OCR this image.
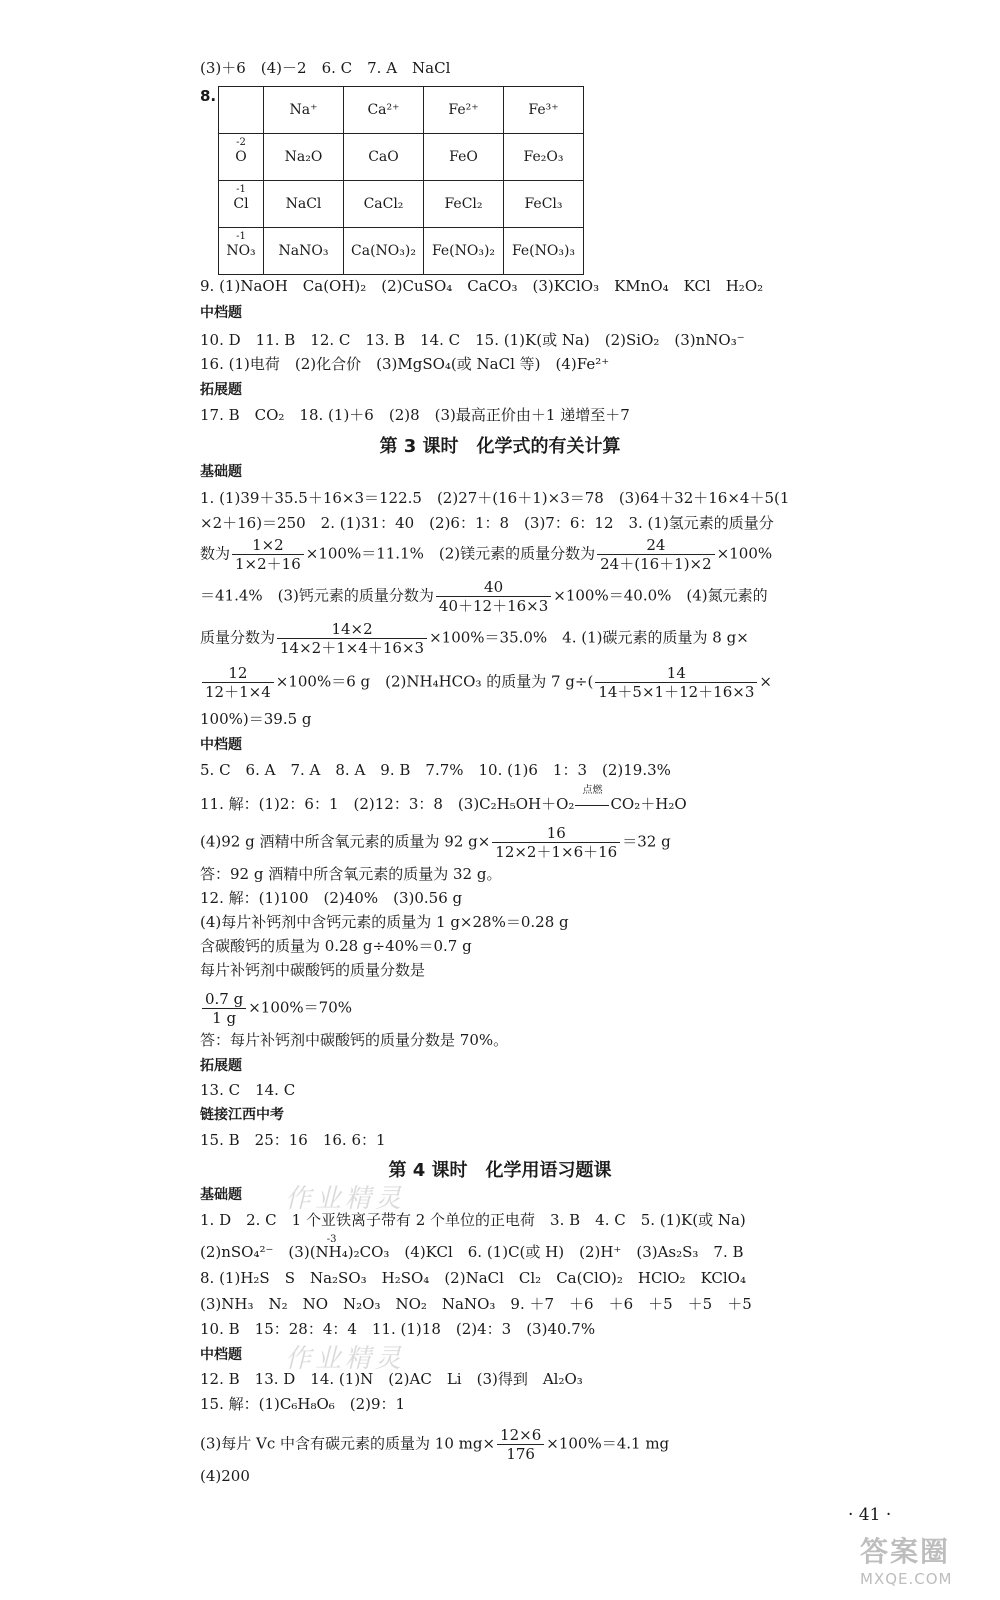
(3)＋6　(4)－2　6. C　7. A　NaCl
8.
	Na⁺	Ca²⁺	Fe²⁺	Fe³⁺

-2
O	Na₂O	CaO	FeO	Fe₂O₃

-1
Cl	NaCl	CaCl₂	FeCl₂	FeCl₃

-1
NO₃	NaNO₃	Ca(NO₃)₂	Fe(NO₃)₂	Fe(NO₃)₃
9. (1)NaOH　Ca(OH)₂　(2)CuSO₄　CaCO₃　(3)KClO₃　KMnO₄　KCl　H₂O₂
中档题
10. D　11. B　12. C　13. B　14. C　15. (1)K(或 Na)　(2)SiO₂　(3)nNO₃⁻
16. (1)电荷　(2)化合价　(3)MgSO₄(或 NaCl 等)　(4)Fe²⁺
拓展题
17. B　CO₂　18. (1)＋6　(2)8　(3)最高正价由＋1 递增至＋7
第 3 课时　化学式的有关计算
基础题
1. (1)39＋35.5＋16×3＝122.5　(2)27＋(16＋1)×3＝78　(3)64＋32＋16×4＋5(1
×2＋16)＝250　2. (1)31：40　(2)6：1：8　(3)7：6：12　3. (1)氢元素的质量分
数为 $\frac{1\times 2}{1\times 2+16} \times 100\%=11.1\%$　(2)镁元素的质量分数为 $\frac{24}{24+(16+1)\times 2} \times 100\%$
＝41.4%　(3)钙元素的质量分数为 $\frac{40}{40+12+16\times 3} \times 100\%=40.0\%$　(4)氮元素的
质量分数为 $\frac{14\times 2}{14\times 2+1\times 4+16\times 3} \times 100\%=35.0\%$　4. (1)碳元素的质量为 8 g×
$\frac{12}{12+1\times 4} \times 100\%=6$ g　(2)NH₄HCO₃ 的质量为 7 $g\div( \frac{14}{14+5\times 1+12+16\times 3}$ ×
100%)＝39.5 g
中档题
5. C　6. A　7. A　8. A　9. B　7.7%　10. (1)6　1：3　(2)19.3%
11. 解：(1)2：6：1　(2)12：3：8　(3)C₂H₅OH＋O₂
点燃
CO₂＋H₂O
(4)92 g 酒精中所含氧元素的质量为 92 $g\times \frac{16}{12\times 2+1\times 6+16} =32$ g
答：92 g 酒精中所含氧元素的质量为 32 g。
12. 解：(1)100　(2)40%　(3)0.56 g
(4)每片补钙剂中含钙元素的质量为 1 g×28%＝0.28 g
含碳酸钙的质量为 0.28 g÷40%＝0.7 g
每片补钙剂中碳酸钙的质量分数是
$\frac{0.7 g}{1 g} \times 100\%=70\%$
答：每片补钙剂中碳酸钙的质量分数是 70%。
拓展题
13. C　14. C
链接江西中考
15. B　25：16　16. 6：1
第 4 课时　化学用语习题课
基础题
1. D　2. C　1 个亚铁离子带有 2 个单位的正电荷　3. B　4. C　5. (1)K(或 Na)
(2)nSO₄²⁻　(3)
-3
(NH₄)₂CO₃　(4)KCl　6. (1)C(或 H)　(2)H⁺　(3)As₂S₃　7. B
8. (1)H₂S　S　Na₂SO₃　H₂SO₄　(2)NaCl　Cl₂　Ca(ClO)₂　HClO₂　KClO₄
(3)NH₃　N₂　NO　N₂O₃　NO₂　NaNO₃　9. ＋7　＋6　＋6　＋5　＋5　＋5
10. B　15：28：4：4　11. (1)18　(2)4：3　(3)40.7%
中档题
12. B　13. D　14. (1)N　(2)AC　Li　(3)得到　Al₂O₃
15. 解：(1)C₆H₈O₆　(2)9：1
(3)每片 Vc 中含有碳元素的质量为 10 $mg\times \frac{12\times 6}{176} \times 100\%=4.1$ mg
(4)200
作业精灵
作业精灵
· 41 ·
答案圈
MXQE.COM
